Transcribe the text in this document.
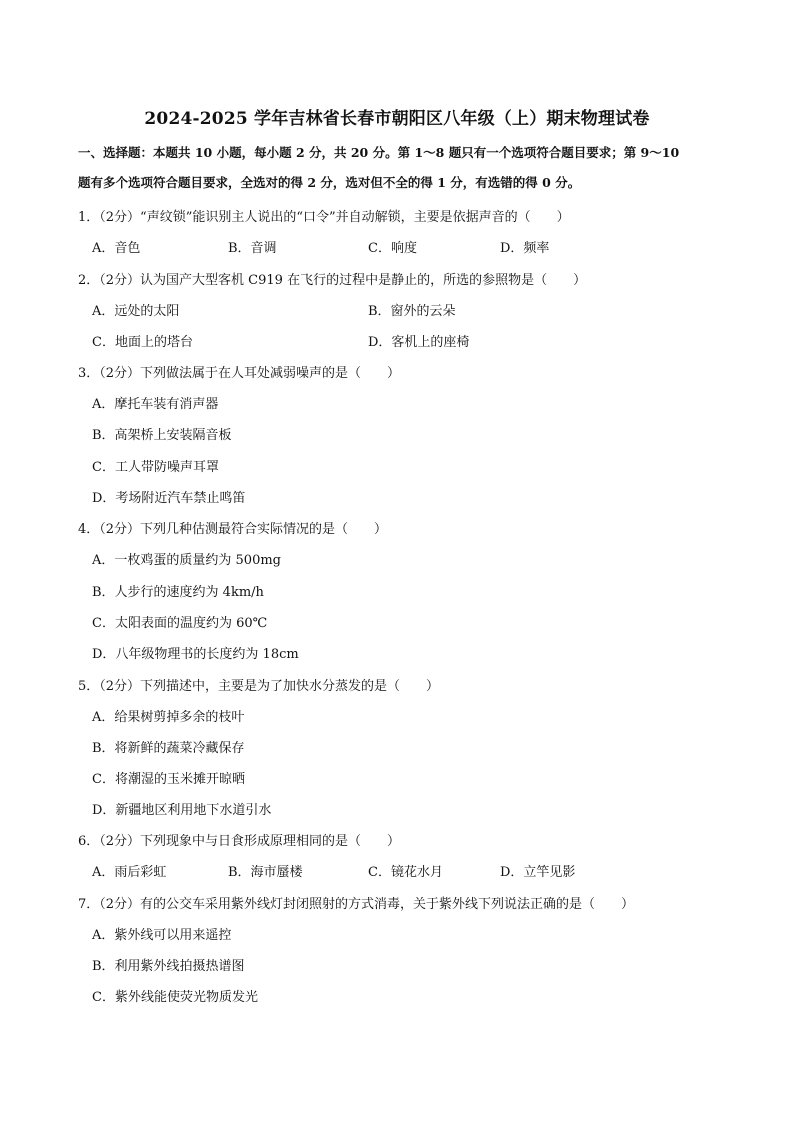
2024-2025 学年吉林省长春市朝阳区八年级（上）期末物理试卷
一、选择题：本题共 10 小题，每小题 2 分，共 20 分。第 1～8 题只有一个选项符合题目要求；第 9～10
题有多个选项符合题目要求，全选对的得 2 分，选对但不全的得 1 分，有选错的得 0 分。
1．（2分）“声纹锁”能识别主人说出的“口令”并自动解锁，主要是依据声音的（　　）
A．音色	B．音调	C．响度	D．频率
2．（2分）认为国产大型客机 C919 在飞行的过程中是静止的，所选的参照物是（　　）
A．远处的太阳	B．窗外的云朵
C．地面上的塔台	D．客机上的座椅
3．（2分）下列做法属于在人耳处减弱噪声的是（　　）
A．摩托车装有消声器
B．高架桥上安装隔音板
C．工人带防噪声耳罩
D．考场附近汽车禁止鸣笛
4．（2分）下列几种估测最符合实际情况的是（　　）
A．一枚鸡蛋的质量约为 500mg
B．人步行的速度约为 4km/h
C．太阳表面的温度约为 60℃
D．八年级物理书的长度约为 18cm
5．（2分）下列描述中，主要是为了加快水分蒸发的是（　　）
A．给果树剪掉多余的枝叶
B．将新鲜的蔬菜冷藏保存
C．将潮湿的玉米摊开晾晒
D．新疆地区利用地下水道引水
6．（2分）下列现象中与日食形成原理相同的是（　　）
A．雨后彩虹	B．海市蜃楼	C．镜花水月	D．立竿见影
7．（2分）有的公交车采用紫外线灯封闭照射的方式消毒，关于紫外线下列说法正确的是（　　）
A．紫外线可以用来遥控
B．利用紫外线拍摄热谱图
C．紫外线能使荧光物质发光
